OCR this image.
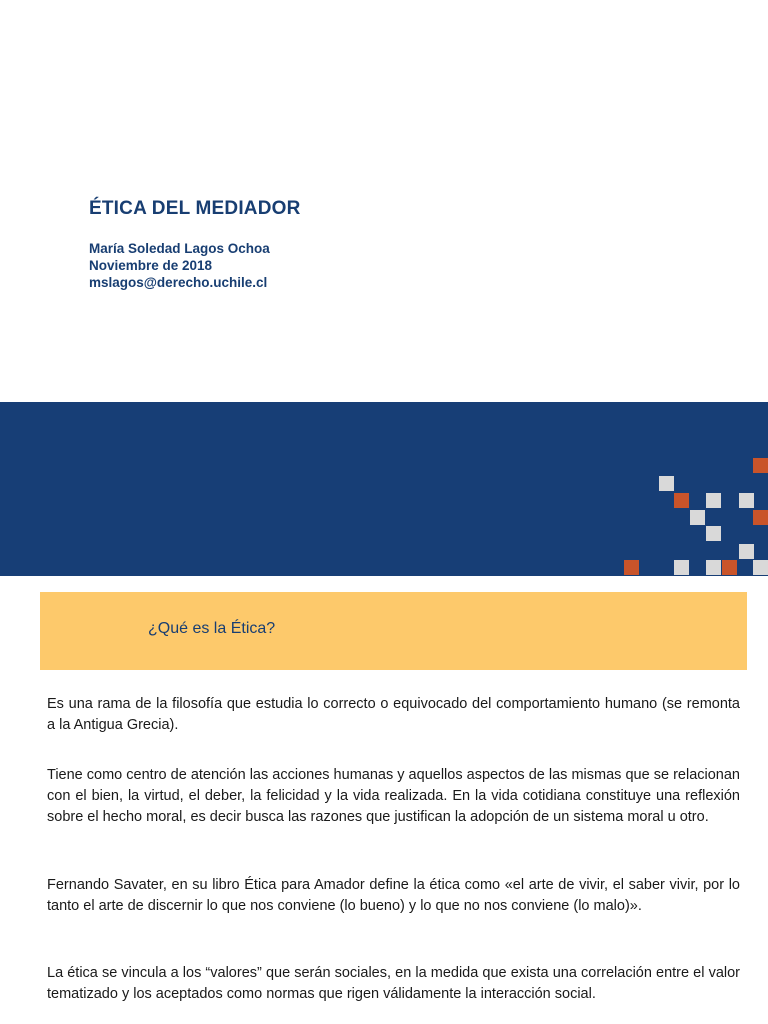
ÉTICA DEL MEDIADOR
María Soledad Lagos Ochoa
Noviembre de 2018
mslagos@derecho.uchile.cl
¿Qué es la Ética?
Es una rama de la filosofía que estudia lo correcto o equivocado del comportamiento humano (se remonta a la Antigua Grecia).
Tiene como centro de atención las acciones humanas y aquellos aspectos de las mismas que se relacionan con el bien, la virtud, el deber, la felicidad y la vida realizada. En la vida cotidiana constituye una reflexión sobre el hecho moral, es decir busca las razones que justifican la adopción de un sistema moral u otro.
Fernando Savater, en su libro Ética para Amador define la ética como «el arte de vivir, el saber vivir, por lo tanto el arte de discernir lo que nos conviene (lo bueno) y lo que no nos conviene (lo malo)».
La ética se vincula a los “valores” que serán sociales, en la medida que exista una correlación entre el valor tematizado y los aceptados como normas que rigen válidamente la interacción social.
